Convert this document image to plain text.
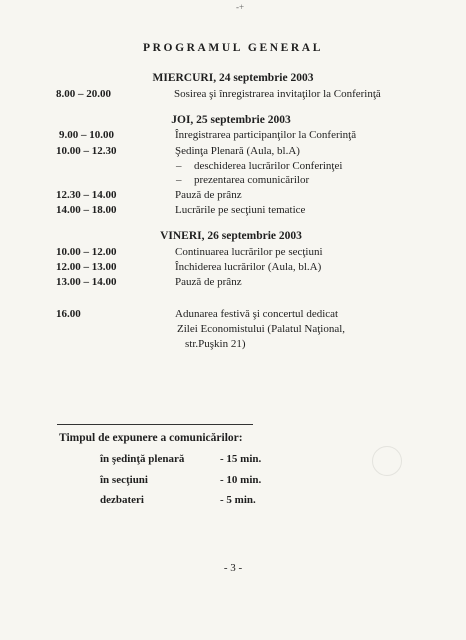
-+
PROGRAMUL GENERAL
MIERCURI, 24 septembrie 2003
8.00 – 20.00	Sosirea şi înregistrarea invitaţilor la Conferinţă
JOI, 25 septembrie 2003
9.00 – 10.00	Înregistrarea participanţilor la Conferinţă
10.00 – 12.30	Şedinţa Plenară (Aula, bl.A)
– deschiderea lucrărilor Conferinţei
– prezentarea comunicărilor
12.30 – 14.00	Pauză de prânz
14.00 – 18.00	Lucrările pe secţiuni tematice
VINERI, 26 septembrie 2003
10.00 – 12.00	Continuarea lucrărilor pe secţiuni
12.00 – 13.00	Închiderea lucrărilor (Aula, bl.A)
13.00 – 14.00	Pauză de prânz
16.00	Adunarea festivă şi concertul dedicat
Zilei Economistului (Palatul Naţional,
str.Puşkin 21)
Timpul de expunere a comunicărilor:
în şedinţă plenară	- 15 min.
în secţiuni	- 10 min.
dezbateri	- 5 min.
- 3 -
